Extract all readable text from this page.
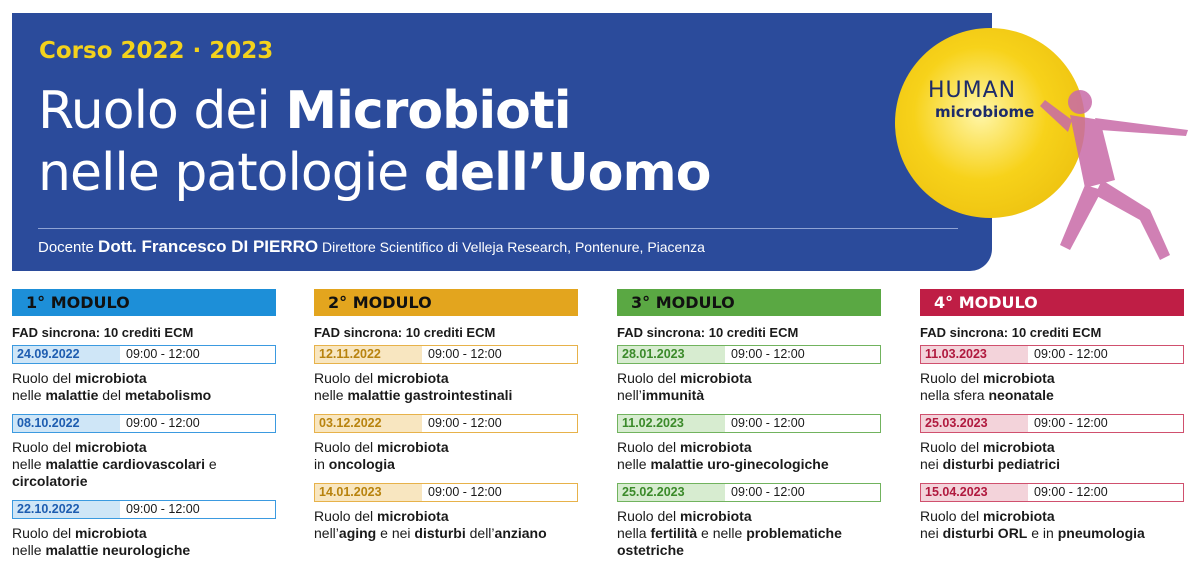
Corso 2022 · 2023
Ruolo dei Microbioti
nelle patologie dell’Uomo
Docente Dott. Francesco DI PIERRO Direttore Scientifico di Velleja Research, Pontenure, Piacenza
HUMAN
microbiome
1° MODULO
FAD sincrona: 10 crediti ECM
24.09.2022	09:00 - 12:00
Ruolo del microbiota
nelle malattie del metabolismo
08.10.2022	09:00 - 12:00
Ruolo del microbiota
nelle malattie cardiovascolari e circolatorie
22.10.2022	09:00 - 12:00
Ruolo del microbiota
nelle malattie neurologiche
2° MODULO
FAD sincrona: 10 crediti ECM
12.11.2022	09:00 - 12:00
Ruolo del microbiota
nelle malattie gastrointestinali
03.12.2022	09:00 - 12:00
Ruolo del microbiota
in oncologia
14.01.2023	09:00 - 12:00
Ruolo del microbiota
nell’aging e nei disturbi dell’anziano
3° MODULO
FAD sincrona: 10 crediti ECM
28.01.2023	09:00 - 12:00
Ruolo del microbiota
nell’immunità
11.02.2023	09:00 - 12:00
Ruolo del microbiota
nelle malattie uro-ginecologiche
25.02.2023	09:00 - 12:00
Ruolo del microbiota
nella fertilità e nelle problematiche ostetriche
4° MODULO
FAD sincrona: 10 crediti ECM
11.03.2023	09:00 - 12:00
Ruolo del microbiota
nella sfera neonatale
25.03.2023	09:00 - 12:00
Ruolo del microbiota
nei disturbi pediatrici
15.04.2023	09:00 - 12:00
Ruolo del microbiota
nei disturbi ORL e in pneumologia
